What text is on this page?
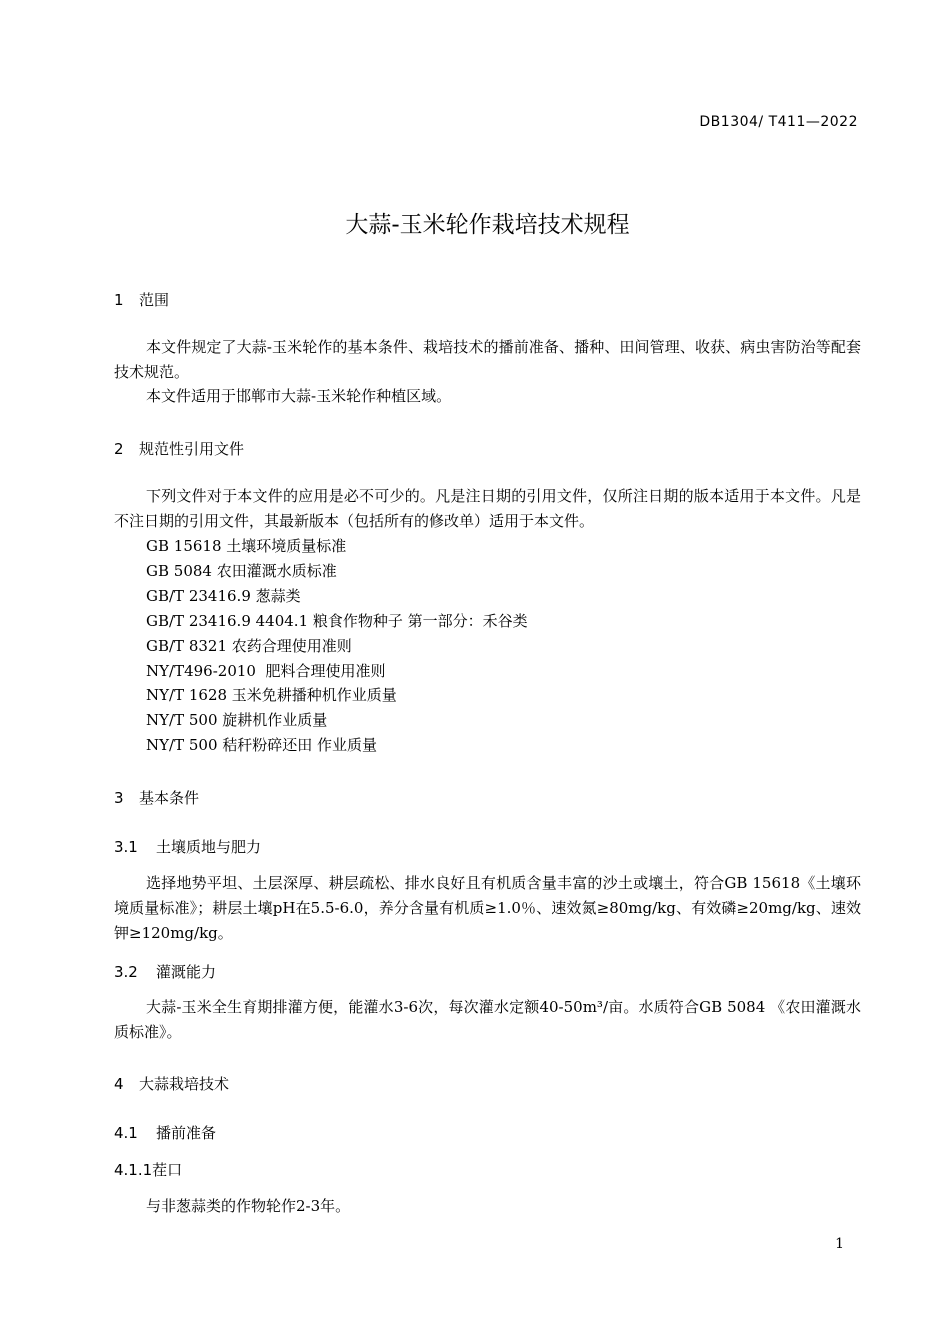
DB1304/ T411—2022
大蒜-玉米轮作栽培技术规程
1 范围
本文件规定了大蒜-玉米轮作的基本条件、栽培技术的播前准备、播种、田间管理、收获、病虫害防治等配套技术规范。
本文件适用于邯郸市大蒜-玉米轮作种植区域。
2 规范性引用文件
下列文件对于本文件的应用是必不可少的。凡是注日期的引用文件，仅所注日期的版本适用于本文件。凡是不注日期的引用文件，其最新版本（包括所有的修改单）适用于本文件。
GB 15618 土壤环境质量标准
GB 5084 农田灌溉水质标准
GB/T 23416.9 葱蒜类
GB/T 23416.9 4404.1 粮食作物种子 第一部分：禾谷类
GB/T 8321 农药合理使用准则
NY/T496-2010  肥料合理使用准则
NY/T 1628 玉米免耕播种机作业质量
NY/T 500 旋耕机作业质量
NY/T 500 秸秆粉碎还田 作业质量
3 基本条件
3.1 土壤质地与肥力
选择地势平坦、土层深厚、耕层疏松、排水良好且有机质含量丰富的沙土或壤土，符合GB 15618《土壤环境质量标准》；耕层土壤pH在5.5-6.0，养分含量有机质≥1.0％、速效氮≥80mg/kg、有效磷≥20mg/kg、速效钾≥120mg/kg。
3.2 灌溉能力
大蒜-玉米全生育期排灌方便，能灌水3-6次，每次灌水定额40-50m³/亩。水质符合GB 5084 《农田灌溉水质标准》。
4 大蒜栽培技术
4.1 播前准备
4.1.1茬口
与非葱蒜类的作物轮作2-3年。
1
